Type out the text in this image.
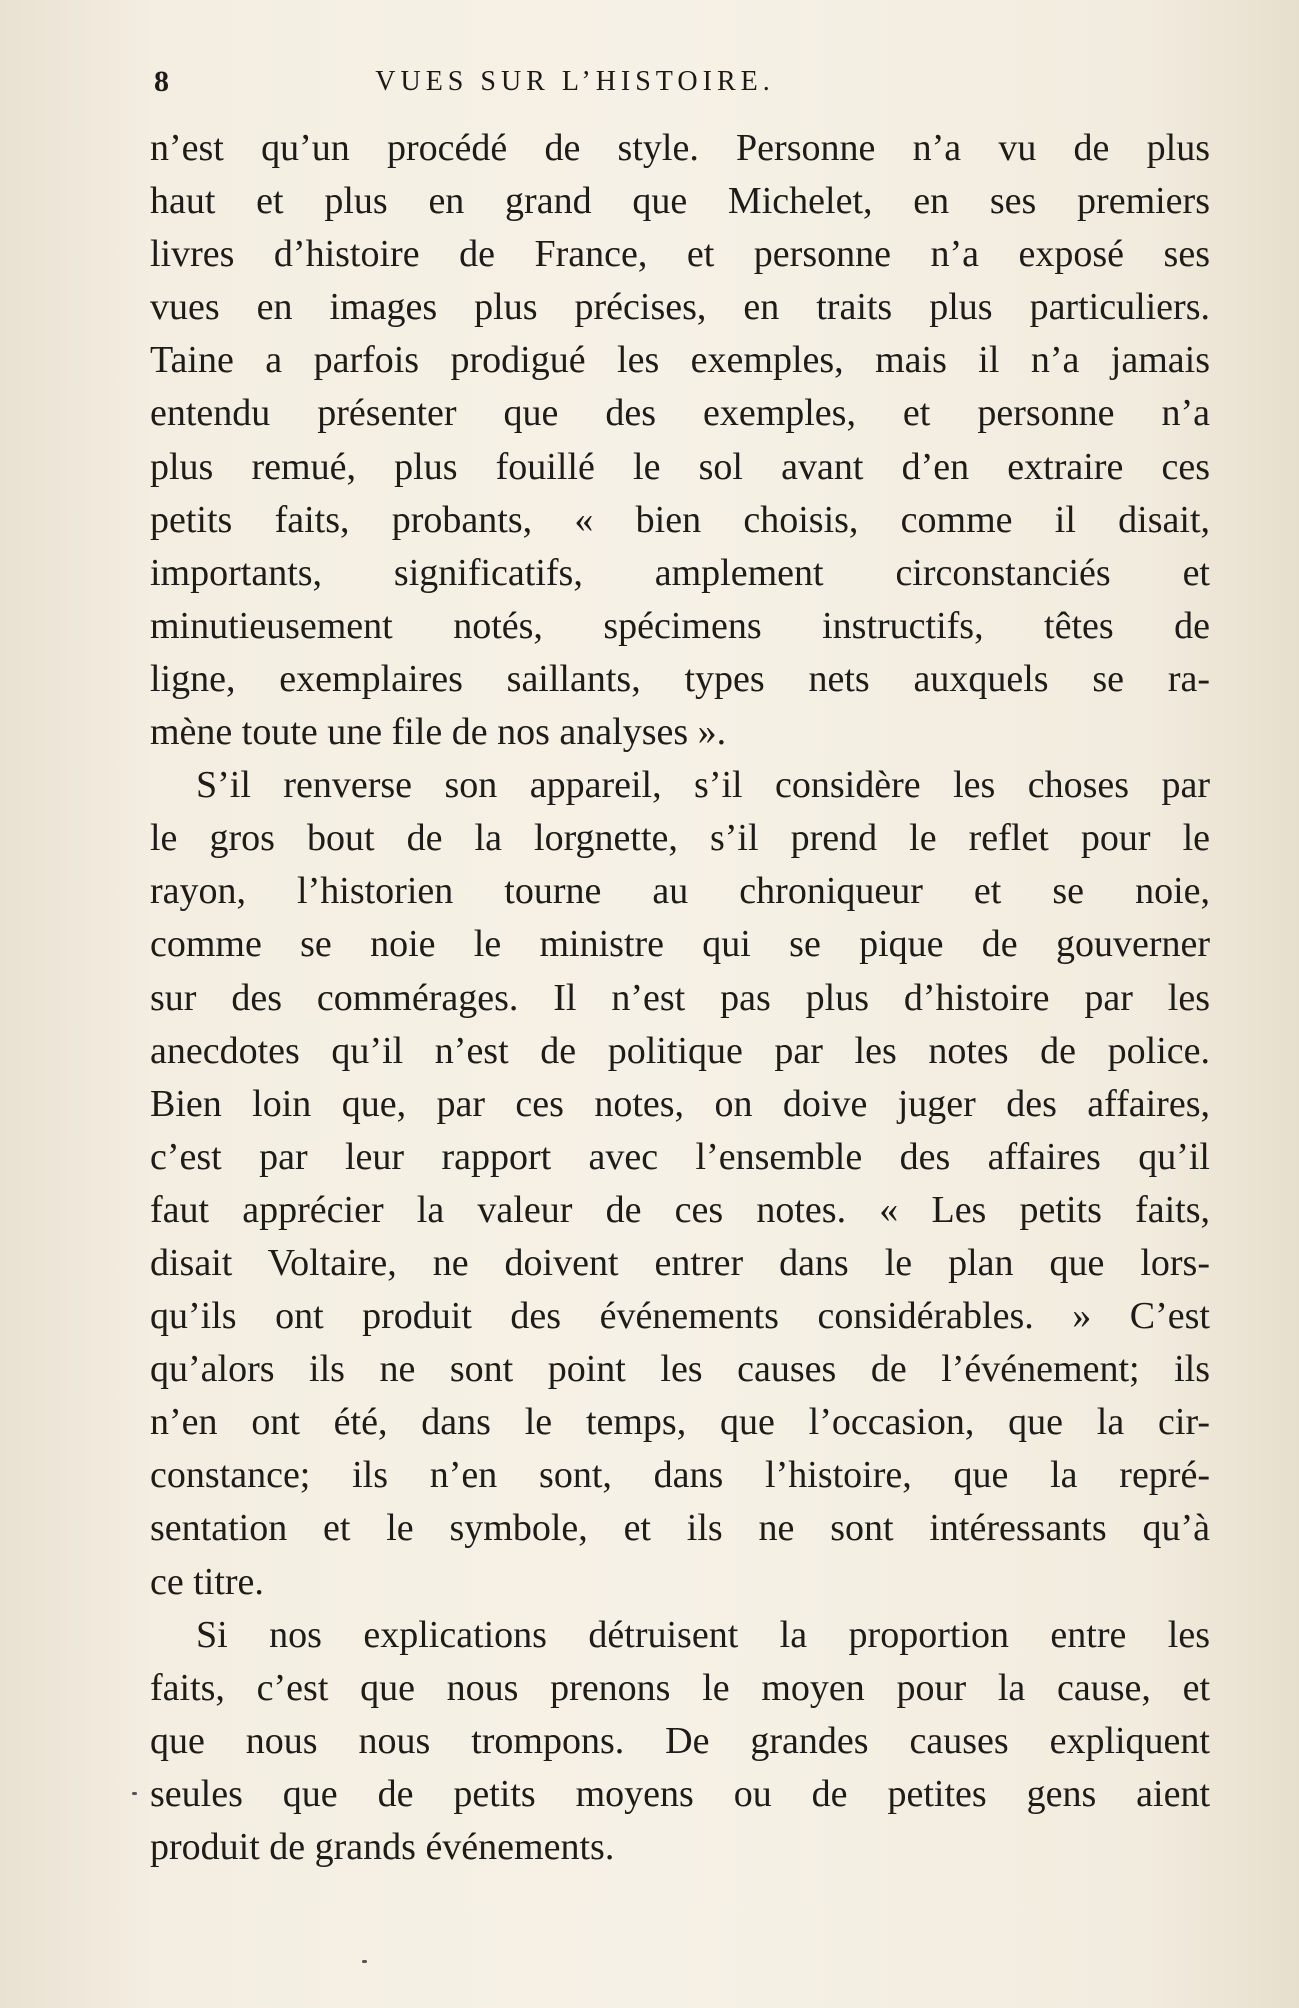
8	VUES SUR L’HISTOIRE.

n’est qu’un procédé de style. Personne n’a vu de plus
haut et plus en grand que Michelet, en ses premiers
livres d’histoire de France, et personne n’a exposé ses
vues en images plus précises, en traits plus particuliers.
Taine a parfois prodigué les exemples, mais il n’a jamais
entendu présenter que des exemples, et personne n’a
plus remué, plus fouillé le sol avant d’en extraire ces
petits faits, probants, « bien choisis, comme il disait,
importants, significatifs, amplement circonstanciés et
minutieusement notés, spécimens instructifs, têtes de
ligne, exemplaires saillants, types nets auxquels se ra-
mène toute une file de nos analyses ».

S’il renverse son appareil, s’il considère les choses par
le gros bout de la lorgnette, s’il prend le reflet pour le
rayon, l’historien tourne au chroniqueur et se noie,
comme se noie le ministre qui se pique de gouverner
sur des commérages. Il n’est pas plus d’histoire par les
anecdotes qu’il n’est de politique par les notes de police.
Bien loin que, par ces notes, on doive juger des affaires,
c’est par leur rapport avec l’ensemble des affaires qu’il
faut apprécier la valeur de ces notes. « Les petits faits,
disait Voltaire, ne doivent entrer dans le plan que lors-
qu’ils ont produit des événements considérables. » C’est
qu’alors ils ne sont point les causes de l’événement; ils
n’en ont été, dans le temps, que l’occasion, que la cir-
constance; ils n’en sont, dans l’histoire, que la repré-
sentation et le symbole, et ils ne sont intéressants qu’à
ce titre.

Si nos explications détruisent la proportion entre les
faits, c’est que nous prenons le moyen pour la cause, et
que nous nous trompons. De grandes causes expliquent
seules que de petits moyens ou de petites gens aient
produit de grands événements.
